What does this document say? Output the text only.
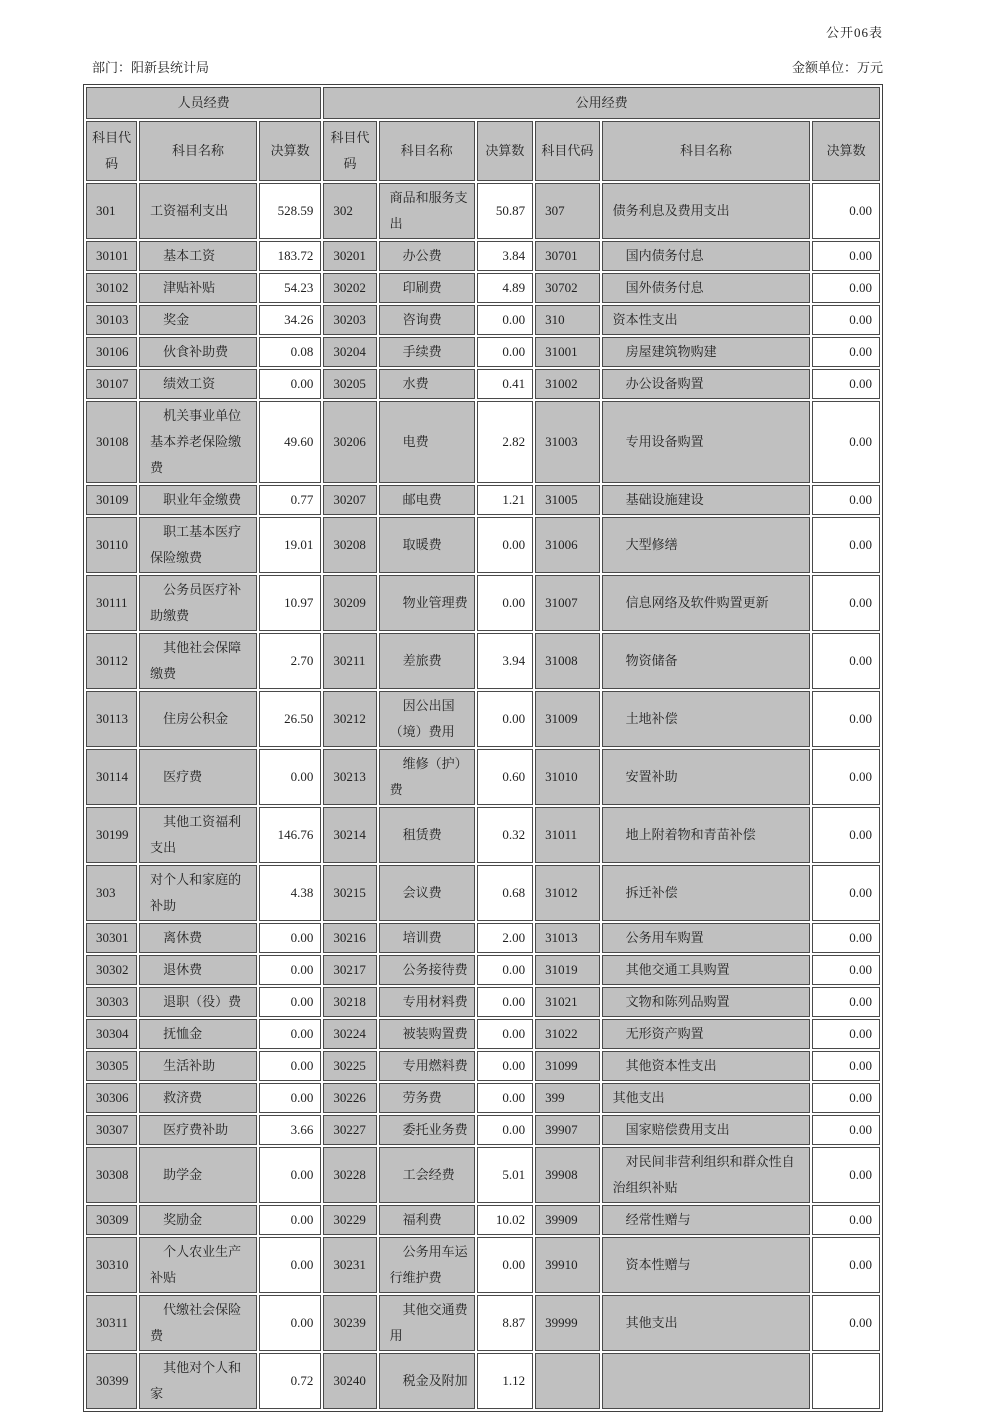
公开06表
部门：阳新县统计局	金额单位：万元
人员经费			公用经费					
科目代码	科目名称	决算数	科目代码	科目名称	决算数	科目代码	科目名称	决算数
301	工资福利支出	528.59	302	商品和服务支出	50.87	307	债务利息及费用支出	0.00
30101	基本工资	183.72	30201	办公费	3.84	30701	国内债务付息	0.00
30102	津贴补贴	54.23	30202	印刷费	4.89	30702	国外债务付息	0.00
30103	奖金	34.26	30203	咨询费	0.00	310	资本性支出	0.00
30106	伙食补助费	0.08	30204	手续费	0.00	31001	房屋建筑物购建	0.00
30107	绩效工资	0.00	30205	水费	0.41	31002	办公设备购置	0.00
30108	机关事业单位基本养老保险缴费	49.60	30206	电费	2.82	31003	专用设备购置	0.00
30109	职业年金缴费	0.77	30207	邮电费	1.21	31005	基础设施建设	0.00
30110	职工基本医疗保险缴费	19.01	30208	取暖费	0.00	31006	大型修缮	0.00
30111	公务员医疗补助缴费	10.97	30209	物业管理费	0.00	31007	信息网络及软件购置更新	0.00
30112	其他社会保障缴费	2.70	30211	差旅费	3.94	31008	物资储备	0.00
30113	住房公积金	26.50	30212	因公出国（境）费用	0.00	31009	土地补偿	0.00
30114	医疗费	0.00	30213	维修（护）费	0.60	31010	安置补助	0.00
30199	其他工资福利支出	146.76	30214	租赁费	0.32	31011	地上附着物和青苗补偿	0.00
303	对个人和家庭的补助	4.38	30215	会议费	0.68	31012	拆迁补偿	0.00
30301	离休费	0.00	30216	培训费	2.00	31013	公务用车购置	0.00
30302	退休费	0.00	30217	公务接待费	0.00	31019	其他交通工具购置	0.00
30303	退职（役）费	0.00	30218	专用材料费	0.00	31021	文物和陈列品购置	0.00
30304	抚恤金	0.00	30224	被装购置费	0.00	31022	无形资产购置	0.00
30305	生活补助	0.00	30225	专用燃料费	0.00	31099	其他资本性支出	0.00
30306	救济费	0.00	30226	劳务费	0.00	399	其他支出	0.00
30307	医疗费补助	3.66	30227	委托业务费	0.00	39907	国家赔偿费用支出	0.00
30308	助学金	0.00	30228	工会经费	5.01	39908	对民间非营利组织和群众性自治组织补贴	0.00
30309	奖励金	0.00	30229	福利费	10.02	39909	经常性赠与	0.00
30310	个人农业生产补贴	0.00	30231	公务用车运行维护费	0.00	39910	资本性赠与	0.00
30311	代缴社会保险费	0.00	30239	其他交通费用	8.87	39999	其他支出	0.00
30399	其他对个人和家	0.72	30240	税金及附加	1.12			
